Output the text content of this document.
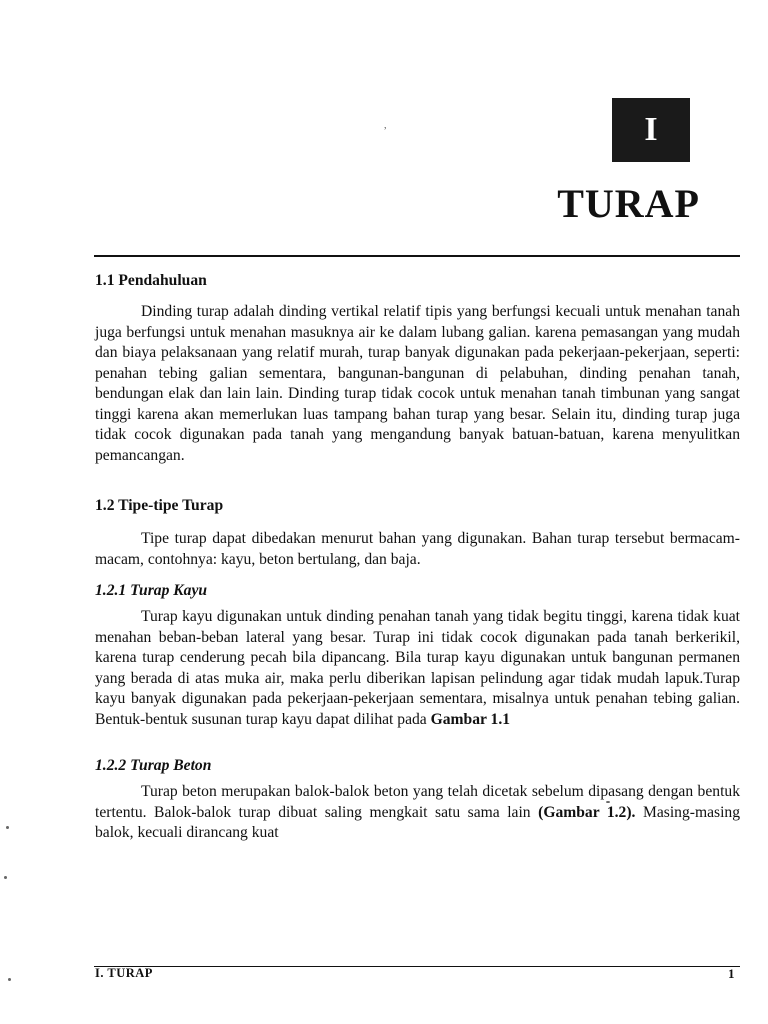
,	I
TURAP
1.1 Pendahuluan

Dinding turap adalah dinding vertikal relatif tipis yang berfungsi kecuali untuk menahan tanah juga berfungsi untuk menahan masuknya air ke dalam lubang galian. karena pemasangan yang mudah dan biaya pelaksanaan yang relatif murah, turap banyak digunakan pada pekerjaan-pekerjaan, seperti: penahan tebing galian sementara, bangunan-bangunan di pelabuhan, dinding penahan tanah, bendungan elak dan lain lain. Dinding turap tidak cocok untuk menahan tanah timbunan yang sangat tinggi karena akan memerlukan luas tampang bahan turap yang besar. Selain itu, dinding turap juga tidak cocok digunakan pada tanah yang mengandung banyak batuan-batuan, karena menyulitkan pemancangan.

1.2 Tipe-tipe Turap

Tipe turap dapat dibedakan menurut bahan yang digunakan. Bahan turap tersebut bermacam-macam, contohnya: kayu, beton bertulang, dan baja.

1.2.1 Turap Kayu

Turap kayu digunakan untuk dinding penahan tanah yang tidak begitu tinggi, karena tidak kuat menahan beban-beban lateral yang besar. Turap ini tidak cocok digunakan pada tanah berkerikil, karena turap cenderung pecah bila dipancang. Bila turap kayu digunakan untuk bangunan permanen yang berada di atas muka air, maka perlu diberikan lapisan pelindung agar tidak mudah lapuk.Turap kayu banyak digunakan pada pekerjaan-pekerjaan sementara, misalnya untuk penahan tebing galian. Bentuk-bentuk susunan turap kayu dapat dilihat pada Gambar 1.1

1.2.2 Turap Beton

Turap beton merupakan balok-balok beton yang telah dicetak sebelum dipasang dengan bentuk tertentu. Balok-balok turap dibuat saling mengkait satu sama lain (Gambar 1.2). Masing-masing balok, kecuali dirancang kuat

I. TURAP	1
